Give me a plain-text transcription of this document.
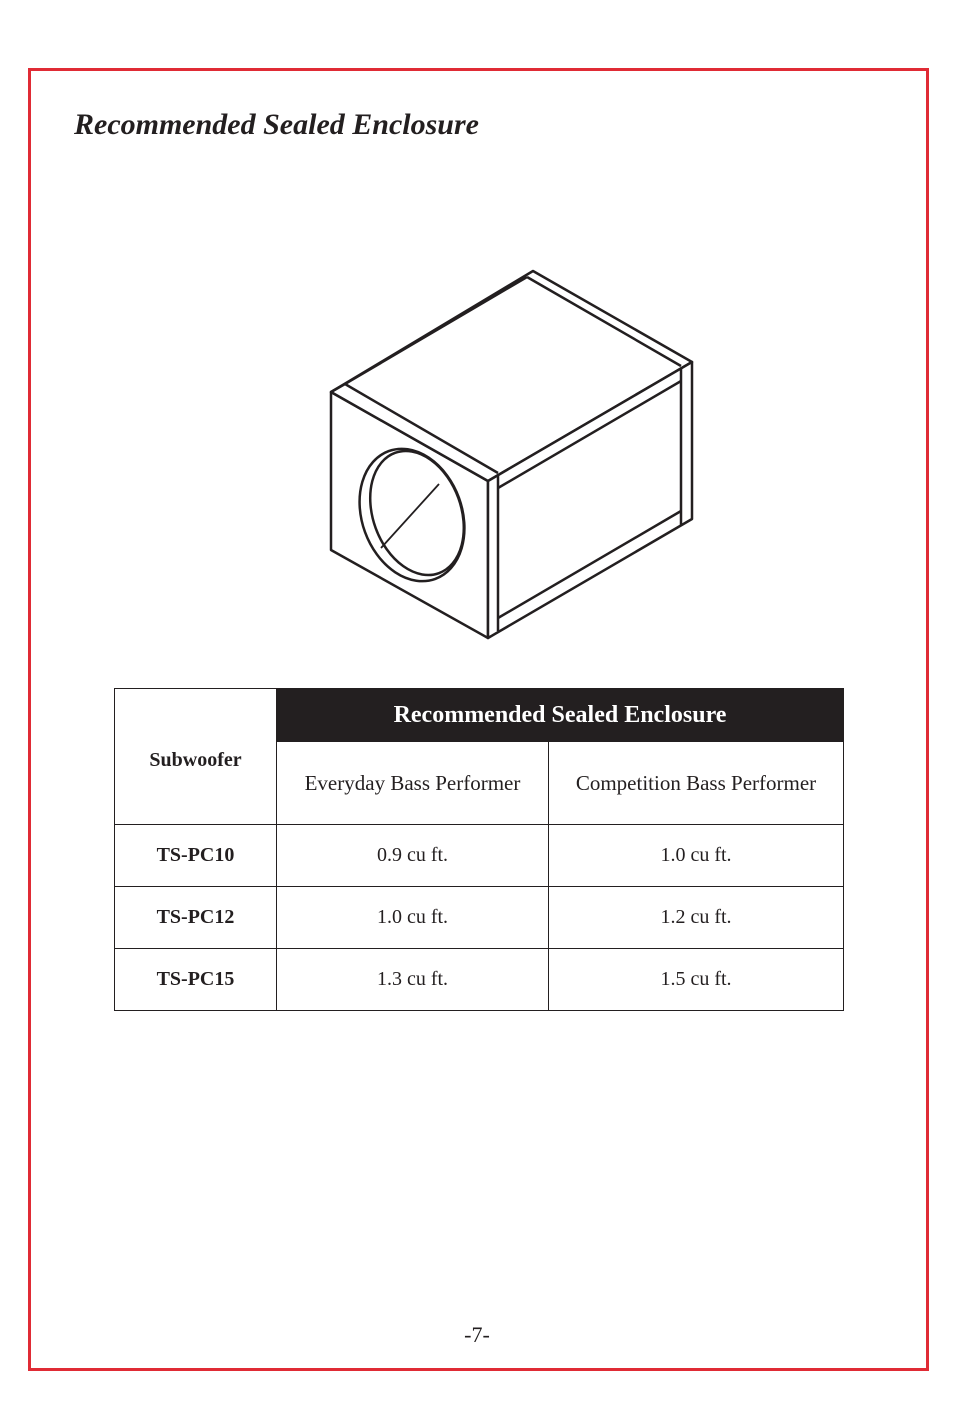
Recommended Sealed Enclosure
Subwoofer	Recommended Sealed Enclosure	
	Everyday Bass Performer	Competition Bass Performer
TS-PC10	0.9 cu ft.	1.0 cu ft.
TS-PC12	1.0 cu ft.	1.2 cu ft.
TS-PC15	1.3 cu ft.	1.5 cu ft.

-7-
